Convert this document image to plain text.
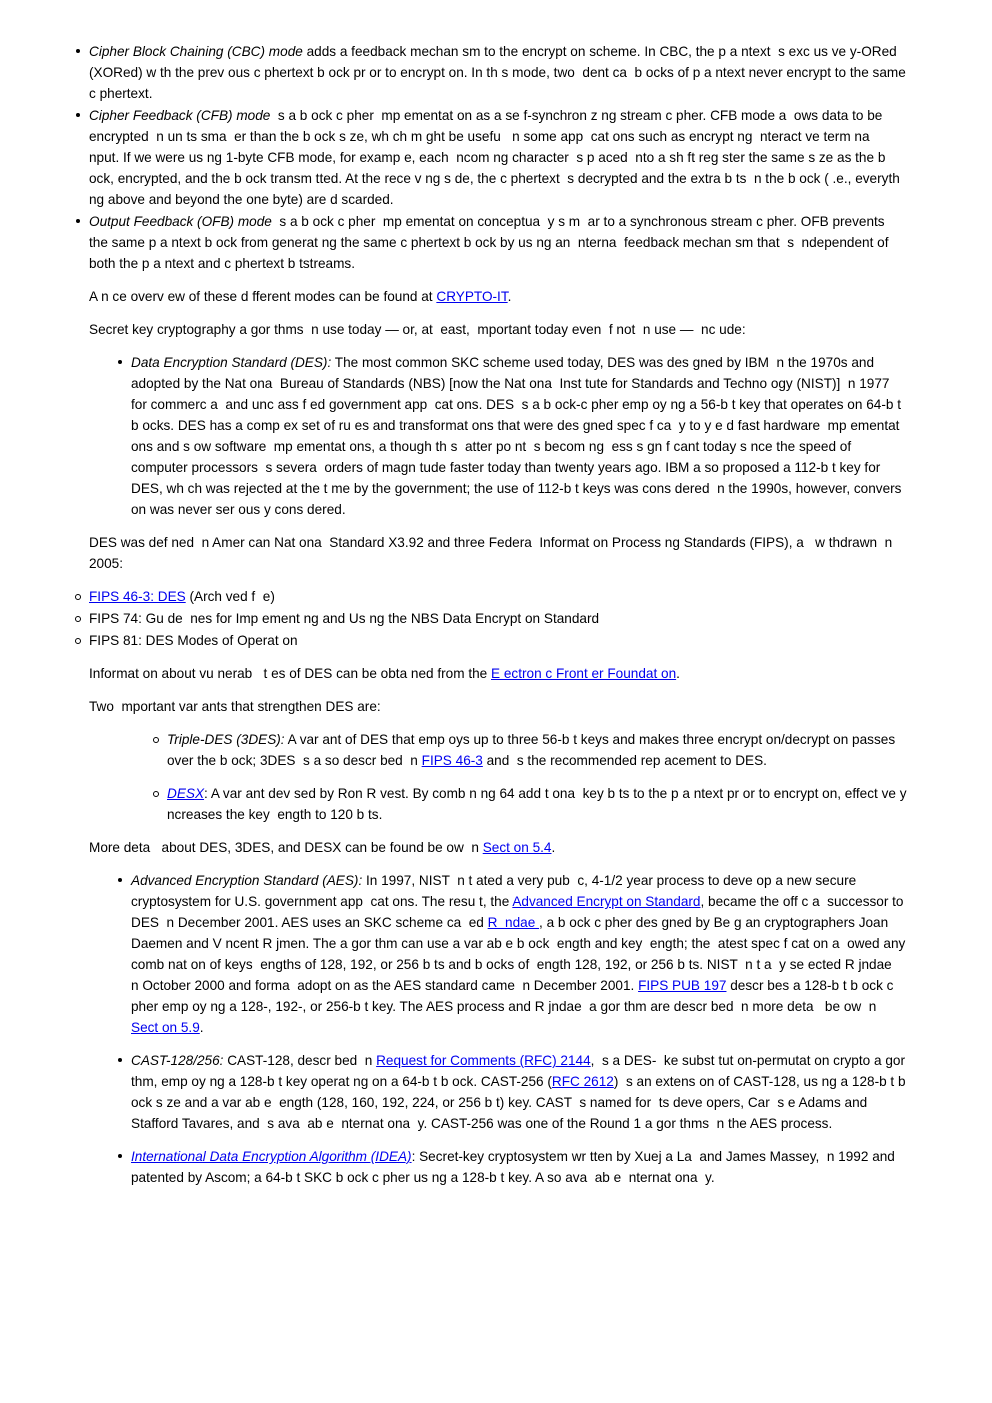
Cipher Block Chaining (CBC) mode adds a feedback mechan sm to the encrypt on scheme. In CBC, the p a ntext  s exc us ve y-ORed (XORed) w th the prev ous c phertext b ock pr or to encrypt on. In th s mode, two  dent ca  b ocks of p a ntext never encrypt to the same c phertext.
Cipher Feedback (CFB) mode  s a b ock c pher  mp ementat on as a se f-synchron z ng stream c pher. CFB mode a  ows data to be encrypted  n un ts sma  er than the b ock s ze, wh ch m ght be usefu   n some app  cat ons such as encrypt ng  nteract ve term na   nput. If we were us ng 1-byte CFB mode, for examp e, each  ncom ng character  s p aced  nto a sh ft reg ster the same s ze as the b ock, encrypted, and the b ock transm tted. At the rece v ng s de, the c phertext  s decrypted and the extra b ts  n the b ock ( .e., everyth ng above and beyond the one byte) are d scarded.
Output Feedback (OFB) mode  s a b ock c pher  mp ementat on conceptua  y s m  ar to a synchronous stream c pher. OFB prevents the same p a ntext b ock from generat ng the same c phertext b ock by us ng an  nterna  feedback mechan sm that  s  ndependent of both the p a ntext and c phertext b tstreams.
A n ce overv ew of these d fferent modes can be found at CRYPTO-IT.
Secret key cryptography a gor thms  n use today — or, at  east,  mportant today even  f not  n use —  nc ude:
Data Encryption Standard (DES): The most common SKC scheme used today, DES was des gned by IBM  n the 1970s and adopted by the Nat ona  Bureau of Standards (NBS) [now the Nat ona  Inst tute for Standards and Techno ogy (NIST)]  n 1977 for commerc a  and unc ass f ed government app  cat ons. DES  s a b ock-c pher emp oy ng a 56-b t key that operates on 64-b t b ocks. DES has a comp ex set of ru es and transformat ons that were des gned spec f ca  y to y e d fast hardware  mp ementat ons and s ow software  mp ementat ons, a though th s  atter po nt  s becom ng  ess s gn f cant today s nce the speed of computer processors  s severa  orders of magn tude faster today than twenty years ago. IBM a so proposed a 112-b t key for DES, wh ch was rejected at the t me by the government; the use of 112-b t keys was cons dered  n the 1990s, however, convers on was never ser ous y cons dered.
DES was def ned  n Amer can Nat ona  Standard X3.92 and three Federa  Informat on Process ng Standards (FIPS), a   w thdrawn  n 2005:
FIPS 46-3: DES (Arch ved f  e)
FIPS 74: Gu de  nes for Imp ement ng and Us ng the NBS Data Encrypt on Standard
FIPS 81: DES Modes of Operat on
Informat on about vu nerab   t es of DES can be obta ned from the E ectron c Front er Foundat on.
Two  mportant var ants that strengthen DES are:
Triple-DES (3DES): A var ant of DES that emp oys up to three 56-b t keys and makes three encrypt on/decrypt on passes over the b ock; 3DES  s a so descr bed  n FIPS 46-3 and  s the recommended rep acement to DES.
DESX: A var ant dev sed by Ron R vest. By comb n ng 64 add t ona  key b ts to the p a ntext pr or to encrypt on, effect ve y  ncreases the key  ength to 120 b ts.
More deta   about DES, 3DES, and DESX can be found be ow  n Sect on 5.4.
Advanced Encryption Standard (AES): In 1997, NIST  n t ated a very pub  c, 4-1/2 year process to deve op a new secure cryptosystem for U.S. government app  cat ons. The resu t, the Advanced Encrypt on Standard, became the off c a  successor to DES  n December 2001. AES uses an SKC scheme ca  ed R  ndae , a b ock c pher des gned by Be g an cryptographers Joan Daemen and V ncent R jmen. The a gor thm can use a var ab e b ock  ength and key  ength; the  atest spec f cat on a  owed any comb nat on of keys  engths of 128, 192, or 256 b ts and b ocks of  ength 128, 192, or 256 b ts. NIST  n t a  y se ected R jndae   n October 2000 and forma  adopt on as the AES standard came  n December 2001. FIPS PUB 197 descr bes a 128-b t b ock c pher emp oy ng a 128-, 192-, or 256-b t key. The AES process and R jndae  a gor thm are descr bed  n more deta   be ow  n Sect on 5.9.
CAST-128/256: CAST-128, descr bed  n Request for Comments (RFC) 2144,  s a DES-  ke subst tut on-permutat on crypto a gor thm, emp oy ng a 128-b t key operat ng on a 64-b t b ock. CAST-256 (RFC 2612)  s an extens on of CAST-128, us ng a 128-b t b ock s ze and a var ab e  ength (128, 160, 192, 224, or 256 b t) key. CAST  s named for  ts deve opers, Car  s e Adams and Stafford Tavares, and  s ava  ab e  nternat ona  y. CAST-256 was one of the Round 1 a gor thms  n the AES process.
International Data Encryption Algorithm (IDEA): Secret-key cryptosystem wr tten by Xuej a La  and James Massey,  n 1992 and patented by Ascom; a 64-b t SKC b ock c pher us ng a 128-b t key. A so ava  ab e  nternat ona  y.
